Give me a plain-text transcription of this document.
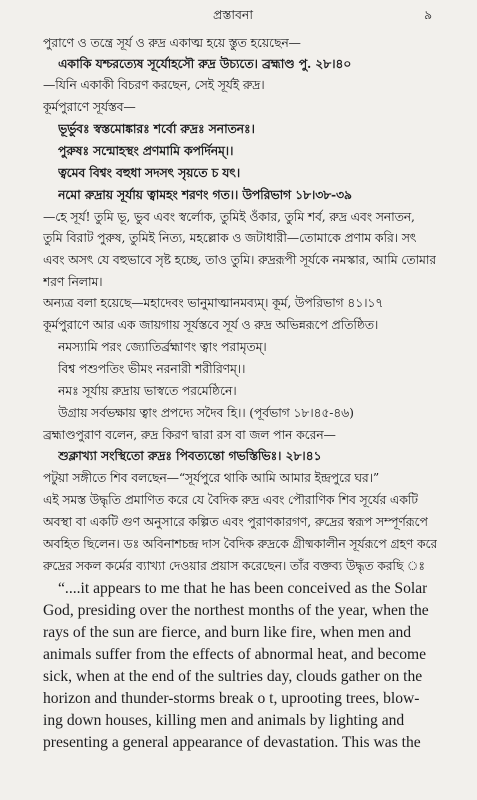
প্রস্তাবনা	৯
পুরাণে ও তন্ত্রে সূর্য ও রুদ্র একাত্ম হয়ে স্তুত হয়েছেন—
একাকি যশ্চরত্যেষ সূর্যোহসৌ রুদ্র উচ্যতে। ব্রহ্মাণ্ড পু. ২৮।৪০
—যিনি একাকী বিচরণ করছেন, সেই সূর্যই রুদ্র।
কূর্মপুরাণে সূর্যস্তব—
ভূর্ভুবঃ স্বস্তমোঙ্কারঃ শর্বো রুদ্রঃ সনাতনঃ।
পুরুষঃ সন্মোহস্থং প্রণমামি কপর্দিনম্।।
ত্বমেব বিশ্বং বহুধা সদসৎ সৃয়তে চ যৎ।
নমো রুদ্রায় সূর্যায় ত্বামহং শরণং গত।। উপরিভাগ ১৮।৩৮-৩৯
—হে সূর্য! তুমি ভূ, ভুব এবং স্বর্লোক, তুমিই ওঁকার, তুমি শর্ব, রুদ্র এবং সনাতন,
তুমি বিরাট পুরুষ, তুমিই নিত্য, মহল্লোক ও জটাধারী—তোমাকে প্রণাম করি। সৎ
এবং অসৎ যে বহুভাবে সৃষ্ট হচ্ছে, তাও তুমি। রুদ্ররূপী সূর্যকে নমস্কার, আমি তোমার
শরণ নিলাম।
অন্যত্র বলা হয়েছে—মহাদেবং ভানুমাত্মানমব্যম্। কূর্ম, উপরিভাগ ৪১।১৭
কূর্মপুরাণে আর এক জায়গায় সূর্যস্তবে সূর্য ও রুদ্র অভিন্নরূপে প্রতিষ্ঠিত।
নমস্যামি পরং জ্যোতির্ব্রহ্মাণং ত্বাং পরামৃতম্।
বিশ্ব পশুপতিং ভীমং নরনারী শরীরিণম্।।
নমঃ সূর্যায় রুদ্রায় ভাস্বতে পরমেষ্ঠিনে।
উগ্রায় সর্বভক্ষায় ত্বাং প্রপদ্যে সদৈব হি।। (পূর্বভাগ ১৮।৪৫-৪৬)
ব্রহ্মাণ্ডপুরাণ বলেন, রুদ্র কিরণ দ্বারা রস বা জল পান করেন—
শুক্লাখ্যা সংস্থিতো রুদ্রঃ পিবত্যন্তো গভস্তিভিঃ। ২৮।৪১
পটুয়া সঙ্গীতে শিব বলছেন—“সূর্যপুরে থাকি আমি আমার ইন্দ্রপুরে ঘর।”
এই সমস্ত উদ্ধৃতি প্রমাণিত করে যে বৈদিক রুদ্র এবং পৌরাণিক শিব সূর্যের একটি
অবস্থা বা একটি গুণ অনুসারে কল্পিত এবং পুরাণকারগণ, রুদ্রের স্বরূপ সম্পূর্ণরূপে
অবহিত ছিলেন। ডঃ অবিনাশচন্দ্র দাস বৈদিক রুদ্রকে গ্রীষ্মকালীন সূর্যরূপে গ্রহণ করে
রুদ্রের সকল কর্মের ব্যাখ্যা দেওয়ার প্রয়াস করেছেন। তাঁর বক্তব্য উদ্ধৃত করছি ঃ
“....it appears to me that he has been conceived as the Solar
God, presiding over the northest months of the year, when the
rays of the sun are fierce, and burn like fire, when men and
animals suffer from the effects of abnormal heat, and become
sick, when at the end of the sultries day, clouds gather on the
horizon and thunder-storms break o t, uprooting trees, blow-
ing down houses, killing men and animals by lighting and
presenting a general appearance of devastation. This was the
